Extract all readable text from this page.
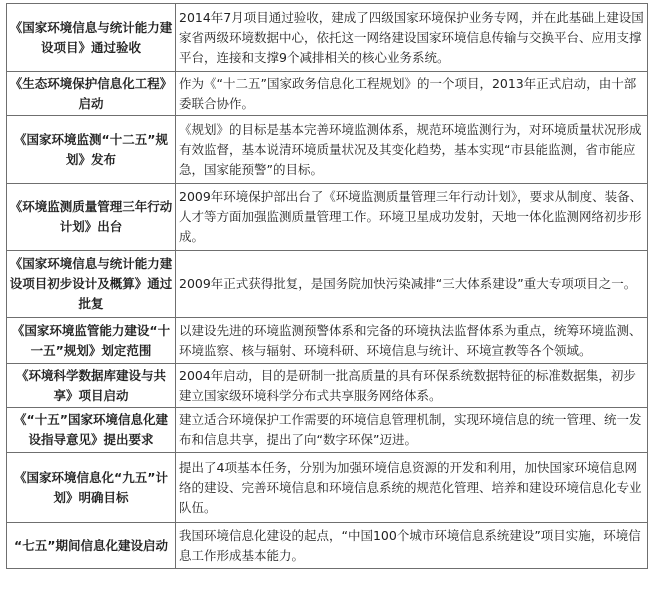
《国家环境信息与统计能力建设项目》通过验收	2014年7月项目通过验收，建成了四级国家环境保护业务专网，并在此基础上建设国家省两级环境数据中心，依托这一网络建设国家环境信息传输与交换平台、应用支撑平台，连接和支撑9个减排相关的核心业务系统。
《生态环境保护信息化工程》启动	作为《“十二五”国家政务信息化工程规划》的一个项目，2013年正式启动，由十部委联合协作。
《国家环境监测“十二五”规划》发布	《规划》的目标是基本完善环境监测体系，规范环境监测行为，对环境质量状况形成有效监督，基本说清环境质量状况及其变化趋势，基本实现“市县能监测，省市能应急，国家能预警”的目标。
《环境监测质量管理三年行动计划》出台	2009年环境保护部出台了《环境监测质量管理三年行动计划》，要求从制度、装备、人才等方面加强监测质量管理工作。环境卫星成功发射，天地一体化监测网络初步形成。
《国家环境信息与统计能力建设项目初步设计及概算》通过批复	2009年正式获得批复，是国务院加快污染减排“三大体系建设”重大专项项目之一。
《国家环境监管能力建设“十一五”规划》划定范围	以建设先进的环境监测预警体系和完备的环境执法监督体系为重点，统筹环境监测、环境监察、核与辐射、环境科研、环境信息与统计、环境宣教等各个领域。
《环境科学数据库建设与共享》项目启动	2004年启动，目的是研制一批高质量的具有环保系统数据特征的标准数据集，初步建立国家级环境科学分布式共享服务网络体系。
《“十五”国家环境信息化建设指导意见》提出要求	建立适合环境保护工作需要的环境信息管理机制，实现环境信息的统一管理、统一发布和信息共享，提出了向“数字环保”迈进。
《国家环境信息化“九五”计划》明确目标	提出了4项基本任务，分别为加强环境信息资源的开发和利用，加快国家环境信息网络的建设、完善环境信息和环境信息系统的规范化管理、培养和建设环境信息化专业队伍。
“七五”期间信息化建设启动	我国环境信息化建设的起点，“中国100个城市环境信息系统建设”项目实施，环境信息工作形成基本能力。
